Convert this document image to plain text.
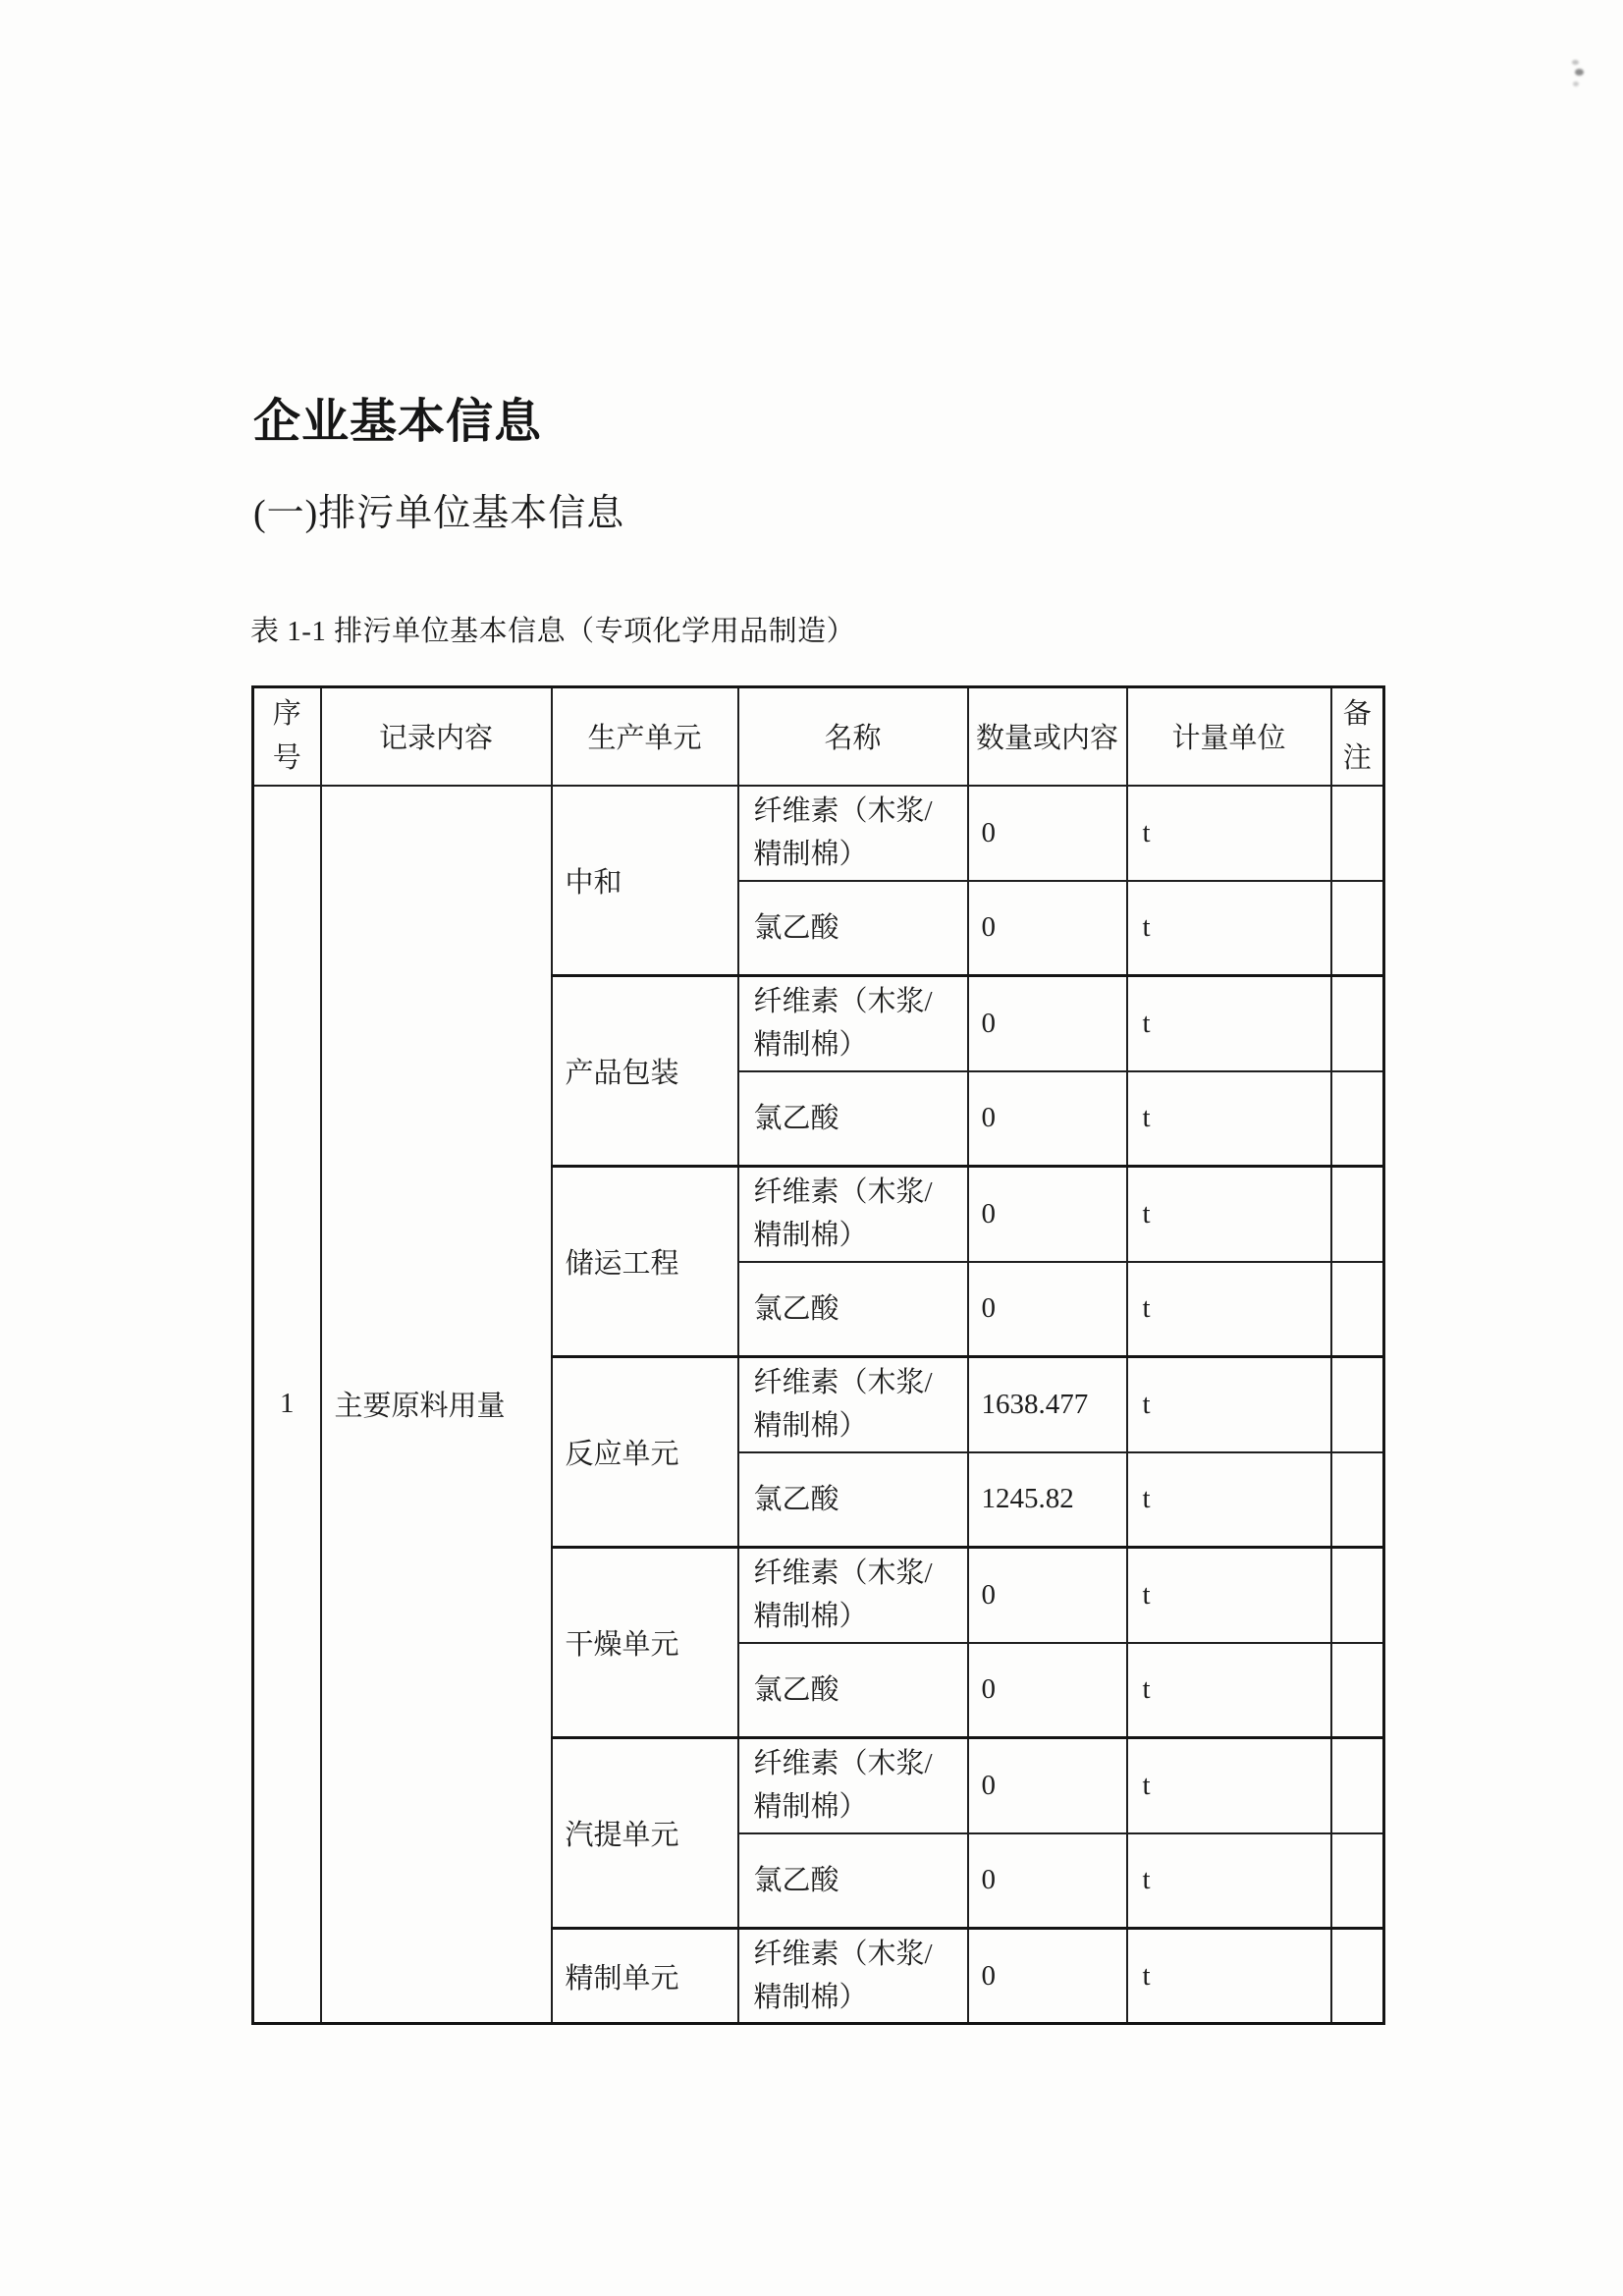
企业基本信息
(一)排污单位基本信息
表 1-1 排污单位基本信息（专项化学用品制造）
序号	记录内容	生产单元	名称	数量或内容	计量单位	备注
1	主要原料用量	中和	纤维素（木浆/精制棉）	0	t	
			氯乙酸	0	t	
		产品包装	纤维素（木浆/精制棉）	0	t	
			氯乙酸	0	t	
		储运工程	纤维素（木浆/精制棉）	0	t	
			氯乙酸	0	t	
		反应单元	纤维素（木浆/精制棉）	1638.477	t	
			氯乙酸	1245.82	t	
		干燥单元	纤维素（木浆/精制棉）	0	t	
			氯乙酸	0	t	
		汽提单元	纤维素（木浆/精制棉）	0	t	
			氯乙酸	0	t	
		精制单元	纤维素（木浆/精制棉）	0	t	
